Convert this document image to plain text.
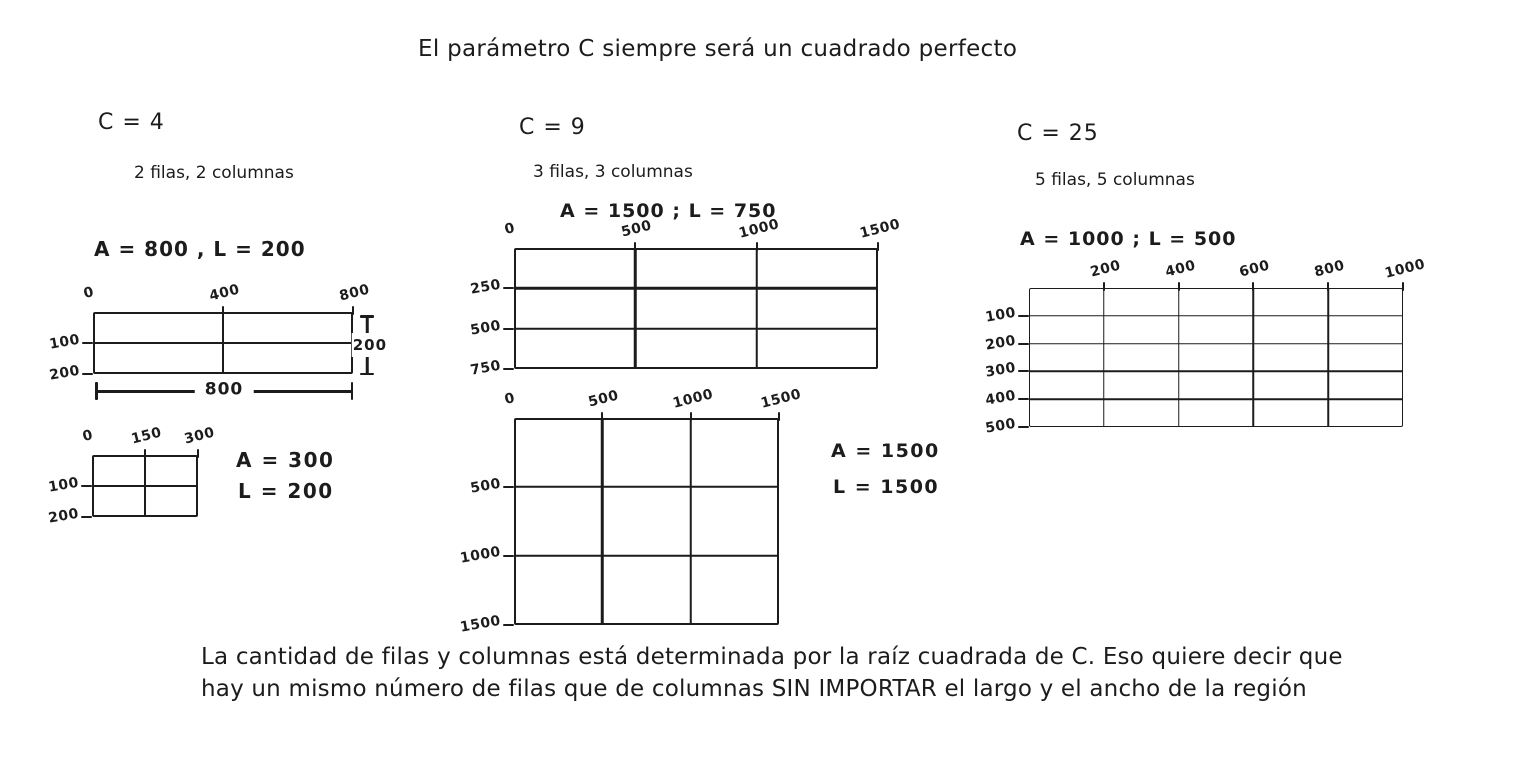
El parámetro C siempre será un cuadrado perfecto
C = 4
2 filas, 2 columnas
A = 800 , L = 200
C = 9
3 filas, 3 columnas
A = 1500 ; L = 750
C = 25
5 filas, 5 columnas
A = 1000 ; L = 500
La cantidad de filas y columnas está determinada por la raíz cuadrada de C. Eso quiere decir que
hay un mismo número de filas que de columnas SIN IMPORTAR el largo y el ancho de la región
0	400	800
100
200
0 150 300
100
200
0	500	1000	1500
250
500
750
0	500	1000	1500
500
1000
1500
200	400	600	800	1000
100
200
300
400
500
A = 300
L = 200
A = 1500
L = 1500
800
200
